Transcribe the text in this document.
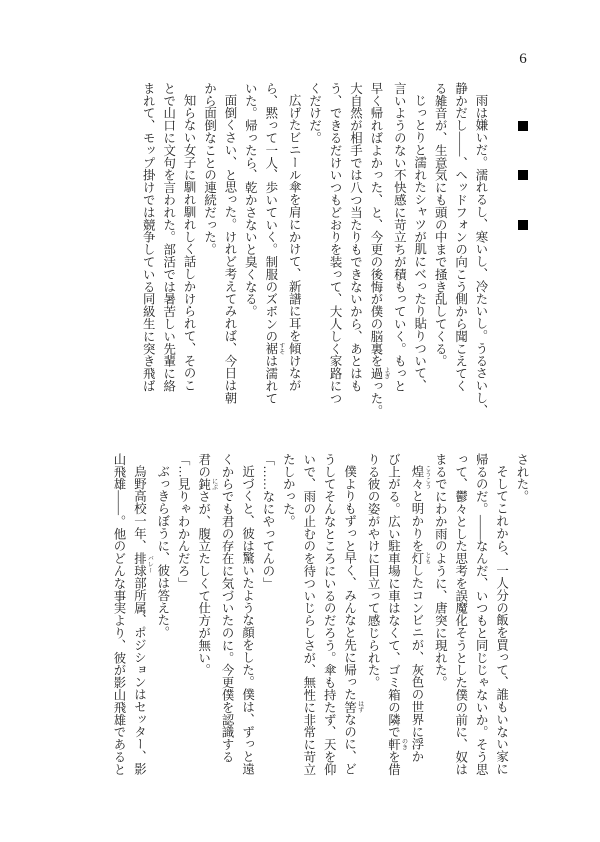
6
雨は嫌いだ。濡れるし、寒いし、冷たいし。うるさいし、
静かだし――、ヘッドフォンの向こう側から聞こえてく
る雑音が、生意気にも頭の中まで掻き乱してくる。
じっとりと濡れたシャツが肌にべったり貼りついて、
言いようのない不快感に苛立ちが積もっていく。もっと
早く帰ればよかった、と、今更の後悔が僕の脳裏を過 よぎった。
大自然が相手では八つ当たりもできないから、あとはも
う、できるだけいつもどおりを装って、大人しく家路につ
くだけだ。
広げたビニール傘を肩にかけて、新譜に耳を傾けなが
ら、黙って一人、歩いていく。制服のズボンの裾 すそは濡れて
いた。帰ったら、乾かさないと臭くなる。
面倒くさい、と思った。けれど考えてみれば、今日は朝
から面倒なことの連続だった。
知らない女子に馴れ馴れしく話しかけられて、そのこ
とで山口に文句を言われた。部活では暑苦しい先輩に絡
まれて、モップ掛けでは競争している同級生に突き飛ば
された。
そしてこれから、一人分の飯を買って、誰もいない家に
帰るのだ。――なんだ、いつもと同じじゃないか。そう思
って、鬱々とした思考を誤魔化そうとした僕の前に、奴は
まるでにわか雨のように、唐突に現れた。
煌々 こうこうと明かりを灯 ともしたコンビニが、灰色の世界に浮か
び上がる。広い駐車場に車はなくて、ゴミ箱の隣で軒 のきを借
りる彼の姿がやけに目立って感じられた。
僕よりもずっと早く、みんなと先に帰った筈 はずなのに、ど
うしてそんなところにいるのだろう。傘も持たず、天を仰
いで、雨の止むのを待ついじらしさが、無性に非常に苛立
たしかった。
「……なにやってんの」
近づくと、彼は驚いたような顔をした。僕は、ずっと遠
くからでも君の存在に気づいたのに。今更僕を認識する
君の鈍 にぶさが、腹立たしくて仕方が無い。
「…見りゃわかんだろ」
ぶっきらぼうに、彼は答えた。
烏野高校一年、排球 バレー部所属、ポジションはセッター、影
山飛雄――。他のどんな事実より、彼が影山飛雄であると
